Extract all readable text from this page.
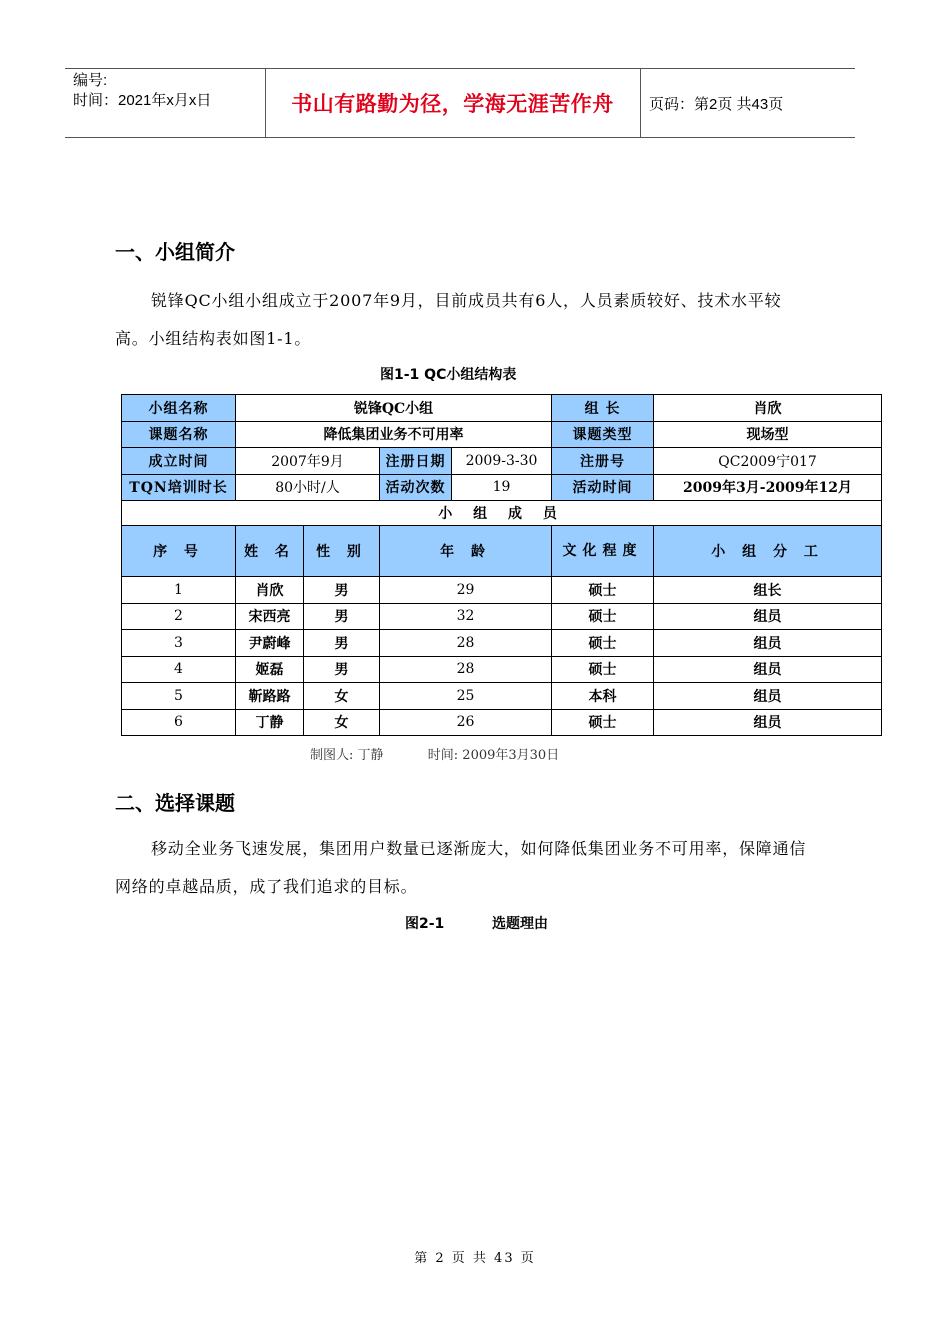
编号:
时间：2021年x月x日	书山有路勤为径，学海无涯苦作舟	页码：第2页 共43页
一、小组简介
锐锋QC小组小组成立于2007年9月，目前成员共有6人，人员素质较好、技术水平较高。小组结构表如图1-1。
图1-1 QC小组结构表
小组名称	锐锋QC小组				组 长	肖欣
课题名称	降低集团业务不可用率				课题类型	现场型
成立时间	2007年9月		注册日期	2009-3-30	注册号	QC2009宁017
TQN培训时长	80小时/人		活动次数	19	活动时间	2009年3月-2009年12月
小 组 成 员						
序 号	姓 名	性 别	年 龄		文化程度	小 组 分 工
1	肖欣	男	29		硕士	组长
2	宋西亮	男	32		硕士	组员
3	尹蔚峰	男	28		硕士	组员
4	姬磊	男	28		硕士	组员
5	靳路路	女	25		本科	组员
6	丁静	女	26		硕士	组员
制图人: 丁静	时间: 2009年3月30日
二、选择课题
移动全业务飞速发展，集团用户数量已逐渐庞大，如何降低集团业务不可用率，保障通信网络的卓越品质，成了我们追求的目标。
图2-1	选题理由
第 2 页 共 43 页
